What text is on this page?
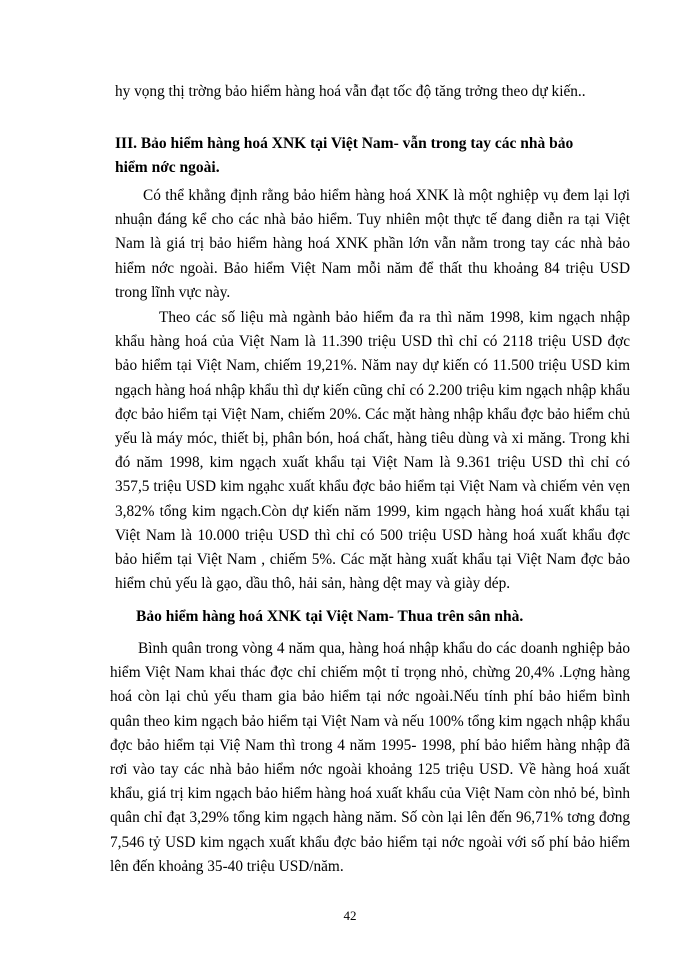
hy vọng thị trờng bảo hiểm hàng hoá vẫn đạt tốc độ tăng trởng theo dự kiến..

III. Bảo hiểm hàng hoá XNK tại Việt Nam- vẫn trong tay các nhà bảo
hiểm nớc ngoài.

Có thể khẳng định rằng bảo hiểm hàng hoá XNK là một nghiệp vụ đem lại lợi nhuận đáng kể cho các nhà bảo hiểm. Tuy nhiên một thực tế đang diễn ra tại Việt Nam là giá trị bảo hiểm hàng hoá XNK phần lớn vẫn nằm trong tay các nhà bảo hiểm nớc ngoài. Bảo hiểm Việt Nam mỗi năm để thất thu khoảng 84 triệu USD trong lĩnh vực này.

Theo các số liệu mà ngành bảo hiểm đa ra thì năm 1998, kim ngạch nhập khẩu hàng hoá của Việt Nam là 11.390 triệu USD thì chỉ có 2118 triệu USD đợc bảo hiểm tại Việt Nam, chiếm 19,21%. Năm nay dự kiến có 11.500 triệu USD kim ngạch hàng hoá nhập khẩu thì dự kiến cũng chỉ có 2.200 triệu kim ngạch nhập khẩu đợc bảo hiểm tại Việt Nam, chiếm 20%. Các mặt hàng nhập khẩu đợc bảo hiểm chủ yếu là máy móc, thiết bị, phân bón, hoá chất, hàng tiêu dùng và xi măng. Trong khi đó năm 1998, kim ngạch xuất khẩu tại Việt Nam là 9.361 triệu USD thì chỉ có 357,5 triệu USD kim ngạhc xuất khẩu đợc bảo hiểm tại Việt Nam và chiếm vẻn vẹn 3,82% tổng kim ngạch.Còn dự kiến năm 1999, kim ngạch hàng hoá xuất khẩu tại Việt Nam là 10.000 triệu USD thì chỉ có 500 triệu USD hàng hoá xuất khẩu đợc bảo hiểm tại Việt Nam , chiếm 5%. Các mặt hàng xuất khẩu tại Việt Nam đợc bảo hiểm chủ yếu là gạo, dầu thô, hải sản, hàng dệt may và giày dép.

Bảo hiểm hàng hoá XNK tại Việt Nam- Thua trên sân nhà.

Bình quân trong vòng 4 năm qua, hàng hoá nhập khẩu do các doanh nghiệp bảo hiểm Việt Nam khai thác đợc chỉ chiếm một tỉ trọng nhỏ, chừng 20,4% .Lợng hàng hoá còn lại chủ yếu tham gia bảo hiểm tại nớc ngoài.Nếu tính phí bảo hiểm bình quân theo kim ngạch bảo hiểm tại Việt Nam và nếu 100% tổng kim ngạch nhập khẩu đợc bảo hiểm tại Việ Nam thì trong 4 năm 1995- 1998, phí bảo hiểm hàng nhập đã rơi vào tay các nhà bảo hiểm nớc ngoài khoảng 125 triệu USD. Về hàng hoá xuất khẩu, giá trị kim ngạch bảo hiểm hàng hoá xuất khẩu của Việt Nam còn nhỏ bé, bình quân chỉ đạt 3,29% tổng kim ngạch hàng năm. Số còn lại lên đến 96,71% tơng đơng 7,546 tỷ USD kim ngạch xuất khẩu đợc bảo hiểm tại nớc ngoài với số phí bảo hiểm lên đến khoảng 35-40 triệu USD/năm.

42
